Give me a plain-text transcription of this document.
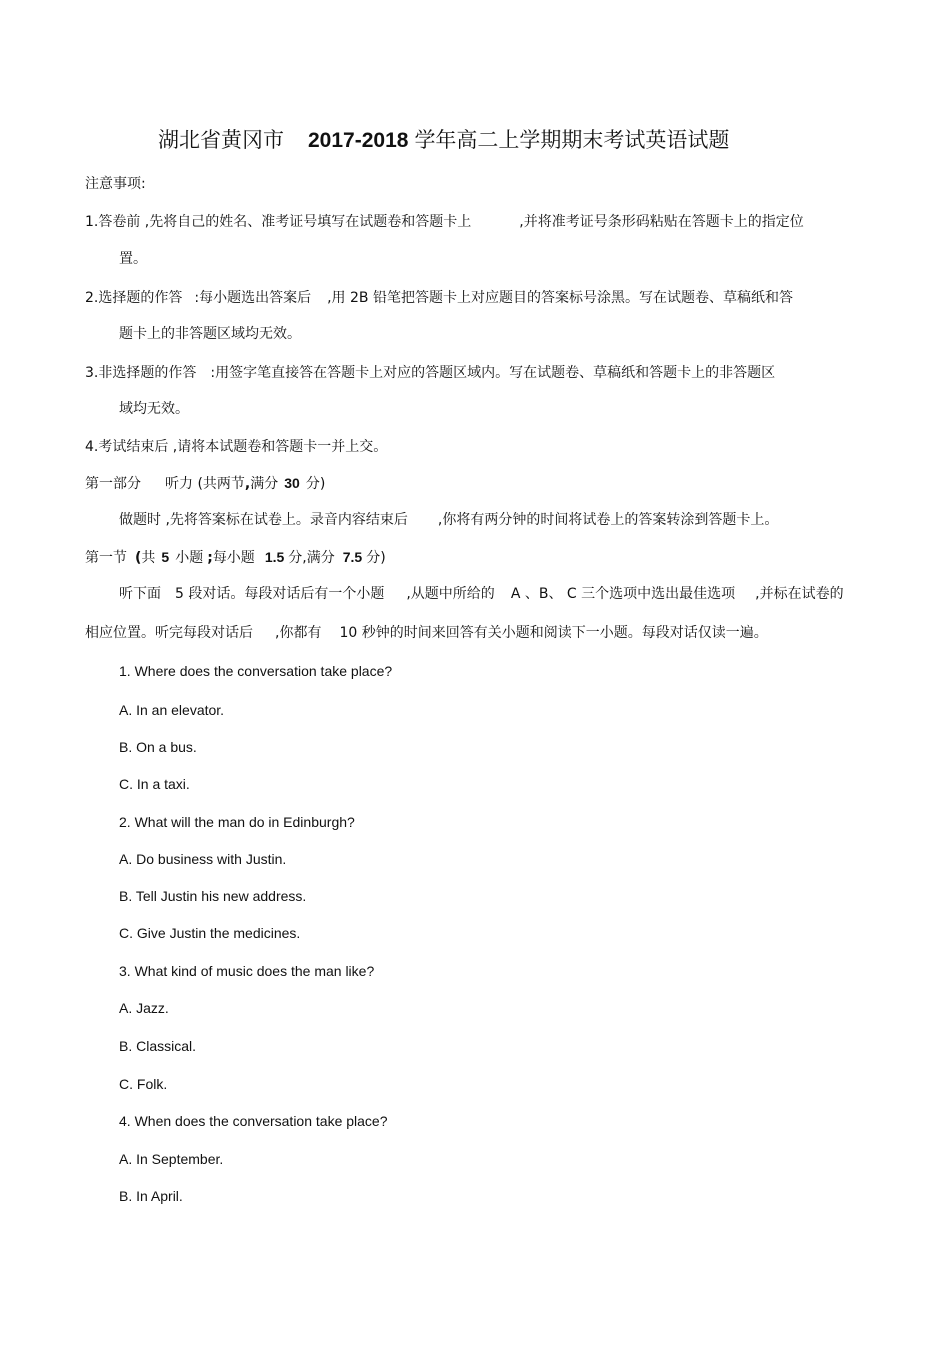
湖北省黄冈市 2017-2018 学年高二上学期期末考试英语试题
注意事项:
1.答卷前 ,先将自己的姓名、准考证号填写在试题卷和答题卡上	,并将准考证号条形码粘贴在答题卡上的指定位
置。
2.选择题的作答 :每小题选出答案后 ,用 2B 铅笔把答题卡上对应题目的答案标号涂黑。写在试题卷、草稿纸和答
题卡上的非答题区域均无效。
3.非选择题的作答 :用签字笔直接答在答题卡上对应的答题区域内。写在试题卷、草稿纸和答题卡上的非答题区
域均无效。
4.考试结束后 ,请将本试题卷和答题卡一并上交。
第一部分 听力 (共两节,满分 30 分)
做题时 ,先将答案标在试卷上。录音内容结束后 ,你将有两分钟的时间将试卷上的答案转涂到答题卡上。
第一节 (共 5 小题 ;每小题 1.5 分,满分 7.5 分)
听下面 5 段对话。每段对话后有一个小题 ,从题中所给的 A 、B、 C 三个选项中选出最佳选项 ,并标在试卷的
相应位置。听完每段对话后 ,你都有 10 秒钟的时间来回答有关小题和阅读下一小题。每段对话仅读一遍。
1. Where does the conversation take place?
A. In an elevator.
B. On a bus.
C. In a taxi.
2. What will the man do in Edinburgh?
A. Do business with Justin.
B. Tell Justin his new address.
C. Give Justin the medicines.
3. What kind of music does the man like?
A. Jazz.
B. Classical.
C. Folk.
4. When does the conversation take place?
A. In September.
B. In April.
